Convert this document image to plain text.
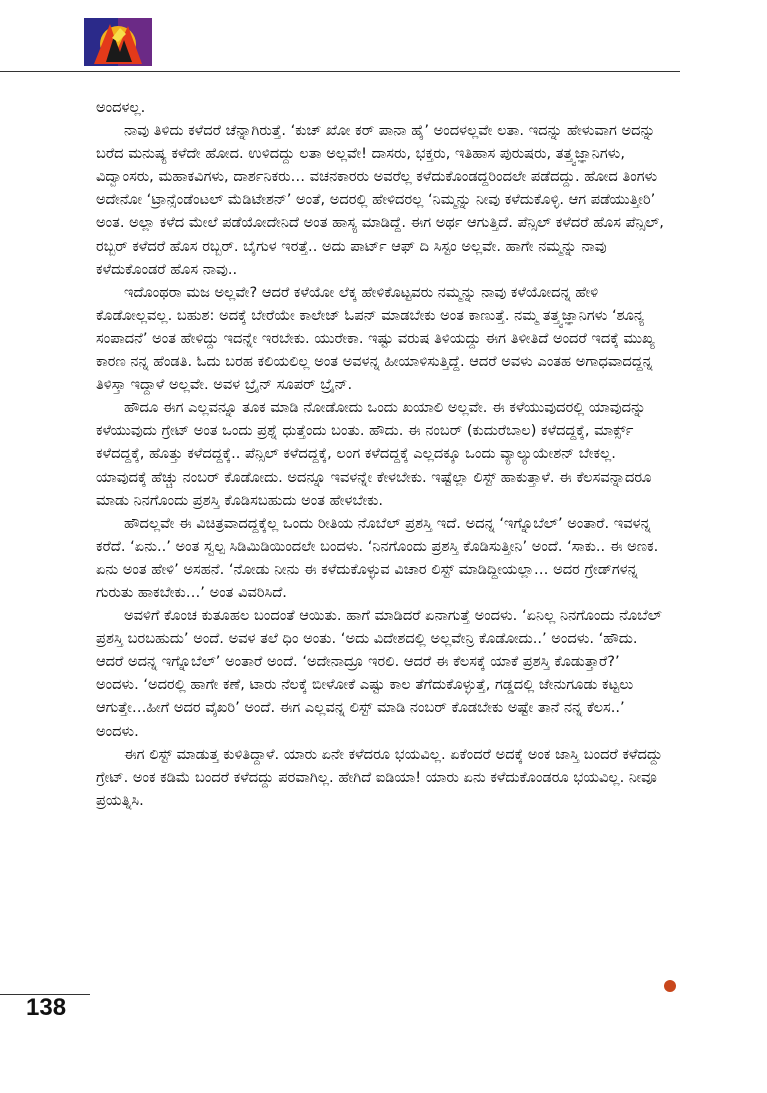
ಅಂದಳಲ್ಲ.

ನಾವು ತಿಳಿದು ಕಳೆದರೆ ಚೆನ್ನಾಗಿರುತ್ತೆ. ‘ಕುಚ್ ಖೋ ಕರ್ ಪಾನಾ ಹೈ’ ಅಂದಳಲ್ಲವೇ ಲತಾ. ಇದನ್ನು ಹೇಳುವಾಗ ಅದನ್ನು ಬರೆದ ಮನುಷ್ಯ ಕಳೆದೇ ಹೋದ. ಉಳಿದದ್ದು ಲತಾ ಅಲ್ಲವೇ! ದಾಸರು, ಭಕ್ತರು, ಇತಿಹಾಸ ಪುರುಷರು, ತತ್ತ್ವಜ್ಞಾನಿಗಳು, ವಿದ್ವಾಂಸರು, ಮಹಾಕವಿಗಳು, ದಾರ್ಶನಿಕರು… ವಚನಕಾರರು ಅವರೆಲ್ಲ ಕಳೆದುಕೊಂಡದ್ದರಿಂದಲೇ ಪಡೆದದ್ದು. ಹೋದ ತಿಂಗಳು ಅದೇನೋ ‘ಟ್ರಾನ್ಸೆಂಡೆಂಟಲ್ ಮೆಡಿಟೇಶನ್’ ಅಂತೆ, ಅದರಲ್ಲಿ ಹೇಳಿದರಲ್ಲ ‘ನಿಮ್ಮನ್ನು ನೀವು ಕಳೆದುಕೊಳ್ಳಿ. ಆಗ ಪಡೆಯುತ್ತೀರಿ’ ಅಂತ. ಅಲ್ಲಾ ಕಳೆದ ಮೇಲೆ ಪಡೆಯೋದೇನಿದೆ ಅಂತ ಹಾಸ್ಯ ಮಾಡಿದ್ದೆ. ಈಗ ಅರ್ಥ ಆಗುತ್ತಿದೆ. ಪೆನ್ಸಿಲ್ ಕಳೆದರೆ ಹೊಸ ಪೆನ್ಸಿಲ್, ರಬ್ಬರ್ ಕಳೆದರೆ ಹೊಸ ರಬ್ಬರ್. ಬೈಗುಳ ಇರತ್ತೆ.. ಅದು ಪಾರ್ಟ್ ಆಫ್ ದಿ ಸಿಸ್ಟಂ ಅಲ್ಲವೇ. ಹಾಗೇ ನಮ್ಮನ್ನು ನಾವು ಕಳೆದುಕೊಂಡರೆ ಹೊಸ ನಾವು..

ಇದೊಂಥರಾ ಮಜ ಅಲ್ಲವೇ? ಆದರೆ ಕಳೆಯೋ ಲೆಕ್ಕ ಹೇಳಿಕೊಟ್ಟವರು ನಮ್ಮನ್ನು ನಾವು ಕಳೆಯೋದನ್ನ ಹೇಳಿ ಕೊಡೋಲ್ಲವಲ್ಲ. ಬಹುಶ: ಅದಕ್ಕೆ ಬೇರೆಯೇ ಕಾಲೇಜ್ ಓಪನ್ ಮಾಡಬೇಕು ಅಂತ ಕಾಣುತ್ತೆ. ನಮ್ಮ ತತ್ತ್ವಜ್ಞಾನಿಗಳು ‘ಶೂನ್ಯ ಸಂಪಾದನೆ’ ಅಂತ ಹೇಳಿದ್ದು ಇದನ್ನೇ ಇರಬೇಕು. ಯುರೇಕಾ. ಇಷ್ಟು ವರುಷ ತಿಳಿಯದ್ದು ಈಗ ತಿಳೀತಿದೆ ಅಂದರೆ ಇದಕ್ಕೆ ಮುಖ್ಯ ಕಾರಣ ನನ್ನ ಹೆಂಡತಿ. ಓದು ಬರಹ ಕಲಿಯಲಿಲ್ಲ ಅಂತ ಅವಳನ್ನ ಹೀಯಾಳಿಸುತ್ತಿದ್ದೆ. ಆದರೆ ಅವಳು ಎಂತಹ ಅಗಾಧವಾದದ್ದನ್ನ ತಿಳಿಸ್ತಾ ಇದ್ದಾಳೆ ಅಲ್ಲವೇ. ಅವಳ ಬ್ರೈನ್ ಸೂಪರ್ ಬ್ರೈನ್.

ಹೌದೂ ಈಗ ಎಲ್ಲವನ್ನೂ ತೂಕ ಮಾಡಿ ನೋಡೋದು ಒಂದು ಖಯಾಲಿ ಅಲ್ಲವೇ. ಈ ಕಳೆಯುವುದರಲ್ಲಿ ಯಾವುದನ್ನು ಕಳೆಯುವುದು ಗ್ರೇಟ್ ಅಂತ ಒಂದು ಪ್ರಶ್ನೆ ಧುತ್ತೆಂದು ಬಂತು. ಹೌದು. ಈ ನಂಬರ್ (ಕುದುರೆಬಾಲ) ಕಳೆದದ್ದಕ್ಕೆ, ಮಾರ್ಕ್ಸ್ ಕಳೆದದ್ದಕ್ಕೆ, ಹೊತ್ತು ಕಳೆದದ್ದಕ್ಕೆ.. ಪೆನ್ಸಿಲ್ ಕಳೆದದ್ದಕ್ಕೆ, ಲಂಗ ಕಳೆದದ್ದಕ್ಕೆ ಎಲ್ಲದಕ್ಕೂ ಒಂದು ವ್ಯಾಲ್ಯುಯೇಶನ್ ಬೇಕಲ್ಲ. ಯಾವುದಕ್ಕೆ ಹೆಚ್ಚು ನಂಬರ್ ಕೊಡೋದು. ಅದನ್ನೂ ಇವಳನ್ನೇ ಕೇಳಬೇಕು. ಇಷ್ಟೆಲ್ಲಾ ಲಿಸ್ಟ್ ಹಾಕುತ್ತಾಳೆ. ಈ ಕೆಲಸವನ್ನಾದರೂ ಮಾಡು ನಿನಗೊಂದು ಪ್ರಶಸ್ತಿ ಕೊಡಿಸಬಹುದು ಅಂತ ಹೇಳಬೇಕು.

ಹೌದಲ್ಲವೇ ಈ ವಿಚಿತ್ರವಾದದ್ದಕ್ಕೆಲ್ಲ ಒಂದು ರೀತಿಯ ನೊಬೆಲ್ ಪ್ರಶಸ್ತಿ ಇದೆ. ಅದನ್ನ ‘ಇಗ್ನೊಬೆಲ್’ ಅಂತಾರೆ. ಇವಳನ್ನ ಕರೆದೆ. ‘ಏನು..’ ಅಂತ ಸ್ವಲ್ಪ ಸಿಡಿಮಿಡಿಯಿಂದಲೇ ಬಂದಳು. ‘ನಿನಗೊಂದು ಪ್ರಶಸ್ತಿ ಕೊಡಿಸುತ್ತೀನಿ’ ಅಂದೆ. ‘ಸಾಕು.. ಈ ಅಣಕ. ಏನು ಅಂತ ಹೇಳಿ’ ಅಸಹನೆ. ‘ನೋಡು ನೀನು ಈ ಕಳೆದುಕೊಳ್ಳುವ ವಿಚಾರ ಲಿಸ್ಟ್ ಮಾಡಿದ್ದೀಯಲ್ಲಾ… ಅದರ ಗ್ರೇಡ್‌ಗಳನ್ನ ಗುರುತು ಹಾಕಬೇಕು…’ ಅಂತ ವಿವರಿಸಿದೆ.

ಅವಳಿಗೆ ಕೊಂಚ ಕುತೂಹಲ ಬಂದಂತೆ ಆಯಿತು. ಹಾಗೆ ಮಾಡಿದರೆ ಏನಾಗುತ್ತೆ ಅಂದಳು. ‘ಏನಿಲ್ಲ ನಿನಗೊಂದು ನೊಬೆಲ್ ಪ್ರಶಸ್ತಿ ಬರಬಹುದು’ ಅಂದೆ. ಅವಳ ತಲೆ ಧಿಂ ಅಂತು. ‘ಅದು ವಿದೇಶದಲ್ಲಿ ಅಲ್ಲವೇನ್ರಿ ಕೊಡೋದು..’ ಅಂದಳು. ‘ಹೌದು. ಆದರೆ ಅದನ್ನ ಇಗ್ನೊಬೆಲ್’ ಅಂತಾರೆ ಅಂದೆ. ‘ಅದೇನಾದ್ರೂ ಇರಲಿ. ಆದರೆ ಈ ಕೆಲಸಕ್ಕೆ ಯಾಕೆ ಪ್ರಶಸ್ತಿ ಕೊಡುತ್ತಾರೆ?’ ಅಂದಳು. ‘ಅದರಲ್ಲಿ ಹಾಗೇ ಕಣೆ, ಟಾರು ನೆಲಕ್ಕೆ ಬೀಳೋಕೆ ಎಷ್ಟು ಕಾಲ ತೆಗೆದುಕೊಳ್ಳುತ್ತೆ, ಗಡ್ಡದಲ್ಲಿ ಜೇನುಗೂಡು ಕಟ್ಟಲು ಆಗುತ್ತೇ…ಹೀಗೆ ಅದರ ವೈಖರಿ’ ಅಂದೆ. ಈಗ ಎಲ್ಲವನ್ನ ಲಿಸ್ಟ್ ಮಾಡಿ ನಂಬರ್ ಕೊಡಬೇಕು ಅಷ್ಟೇ ತಾನೆ ನನ್ನ ಕೆಲಸ..’ ಅಂದಳು.

ಈಗ ಲಿಸ್ಟ್ ಮಾಡುತ್ತ ಕುಳಿತಿದ್ದಾಳೆ. ಯಾರು ಏನೇ ಕಳೆದರೂ ಭಯವಿಲ್ಲ. ಏಕೆಂದರೆ ಅದಕ್ಕೆ ಅಂಕ ಜಾಸ್ತಿ ಬಂದರೆ ಕಳೆದದ್ದು ಗ್ರೇಟ್. ಅಂಕ ಕಡಿಮೆ ಬಂದರೆ ಕಳೆದದ್ದು ಪರವಾಗಿಲ್ಲ. ಹೇಗಿದೆ ಐಡಿಯಾ! ಯಾರು ಏನು ಕಳೆದುಕೊಂಡರೂ ಭಯವಿಲ್ಲ. ನೀವೂ ಪ್ರಯತ್ನಿಸಿ.

138
